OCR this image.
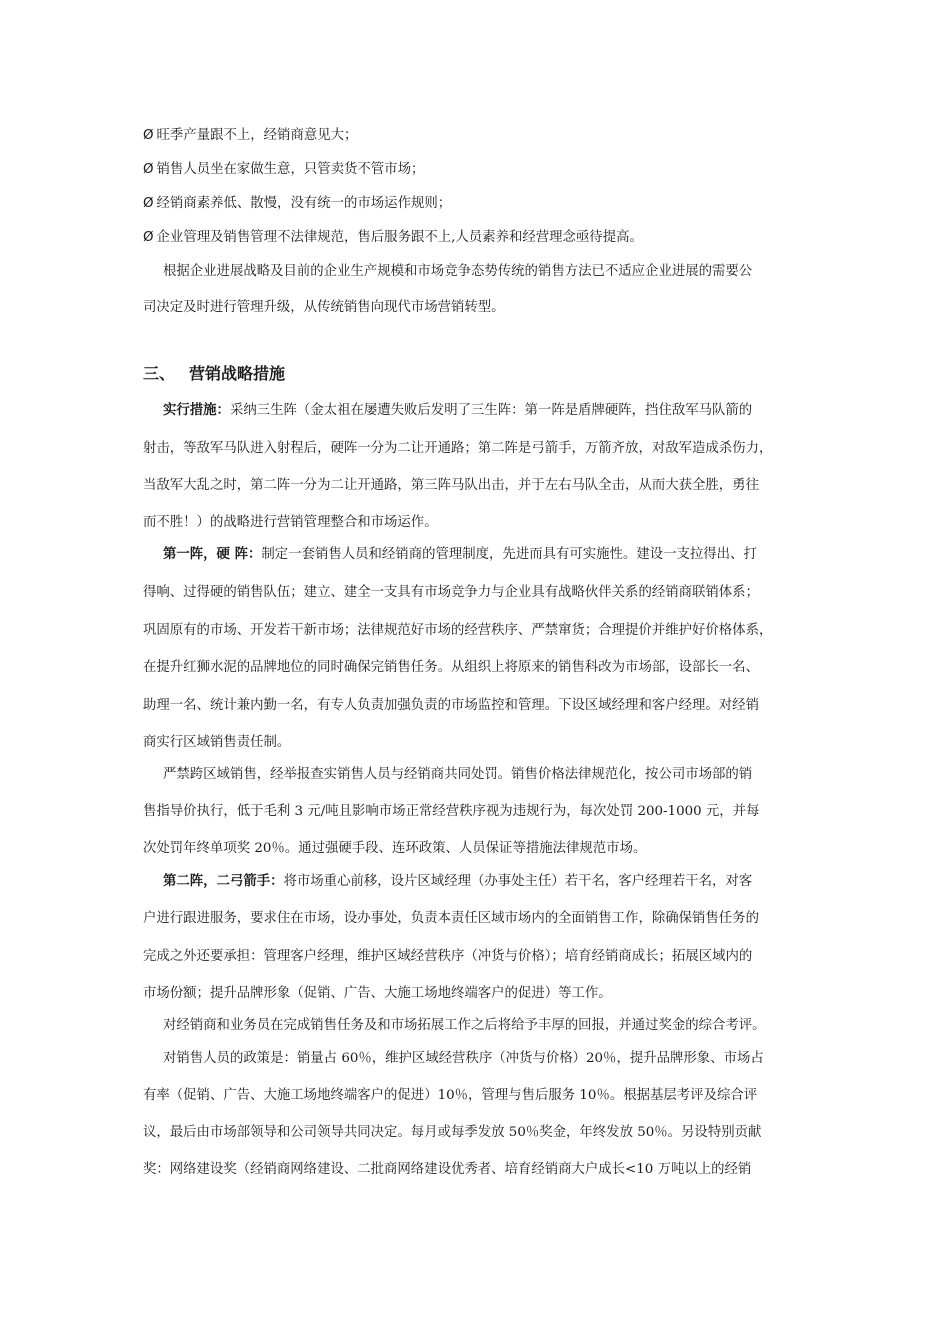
Ø 旺季产量跟不上，经销商意见大；
Ø 销售人员坐在家做生意，只管卖货不管市场；
Ø 经销商素养低、散慢，没有统一的市场运作规则；
Ø 企业管理及销售管理不法律规范，售后服务跟不上,人员素养和经营理念亟待提高。
根据企业进展战略及目前的企业生产规模和市场竞争态势传统的销售方法已不适应企业进展的需要公
司决定及时进行管理升级，从传统销售向现代市场营销转型。
三、 营销战略措施
实行措施：采纳三生阵（金太祖在屡遭失败后发明了三生阵：第一阵是盾牌硬阵，挡住敌军马队箭的
射击，等敌军马队进入射程后，硬阵一分为二让开通路；第二阵是弓箭手，万箭齐放，对敌军造成杀伤力，
当敌军大乱之时，第二阵一分为二让开通路，第三阵马队出击，并于左右马队全击，从而大获全胜，勇往
而不胜！）的战略进行营销管理整合和市场运作。
第一阵，硬 阵：制定一套销售人员和经销商的管理制度，先进而具有可实施性。建设一支拉得出、打
得响、过得硬的销售队伍；建立、建全一支具有市场竞争力与企业具有战略伙伴关系的经销商联销体系；
巩固原有的市场、开发若干新市场；法律规范好市场的经营秩序、严禁窜货；合理提价并维护好价格体系，
在提升红狮水泥的品牌地位的同时确保完销售任务。从组织上将原来的销售科改为市场部，设部长一名、
助理一名、统计兼内勤一名，有专人负责加强负责的市场监控和管理。下设区域经理和客户经理。对经销
商实行区域销售责任制。
严禁跨区域销售，经举报查实销售人员与经销商共同处罚。销售价格法律规范化，按公司市场部的销
售指导价执行，低于毛利 3 元/吨且影响市场正常经营秩序视为违规行为，每次处罚 200-1000 元，并每
次处罚年终单项奖 20％。通过强硬手段、连环政策、人员保证等措施法律规范市场。
第二阵，二弓箭手：将市场重心前移，设片区域经理（办事处主任）若干名，客户经理若干名，对客
户进行跟进服务，要求住在市场，设办事处，负责本责任区域市场内的全面销售工作，除确保销售任务的
完成之外还要承担：管理客户经理，维护区域经营秩序（冲货与价格）；培育经销商成长；拓展区域内的
市场份额；提升品牌形象（促销、广告、大施工场地终端客户的促进）等工作。
对经销商和业务员在完成销售任务及和市场拓展工作之后将给予丰厚的回报，并通过奖金的综合考评。
对销售人员的政策是：销量占 60％，维护区域经营秩序（冲货与价格）20％，提升品牌形象、市场占
有率（促销、广告、大施工场地终端客户的促进）10％，管理与售后服务 10％。根据基层考评及综合评
议，最后由市场部领导和公司领导共同决定。每月或每季发放 50％奖金，年终发放 50％。另设特别贡献
奖：网络建设奖（经销商网络建设、二批商网络建设优秀者、培育经销商大户成长<10 万吨以上的经销
